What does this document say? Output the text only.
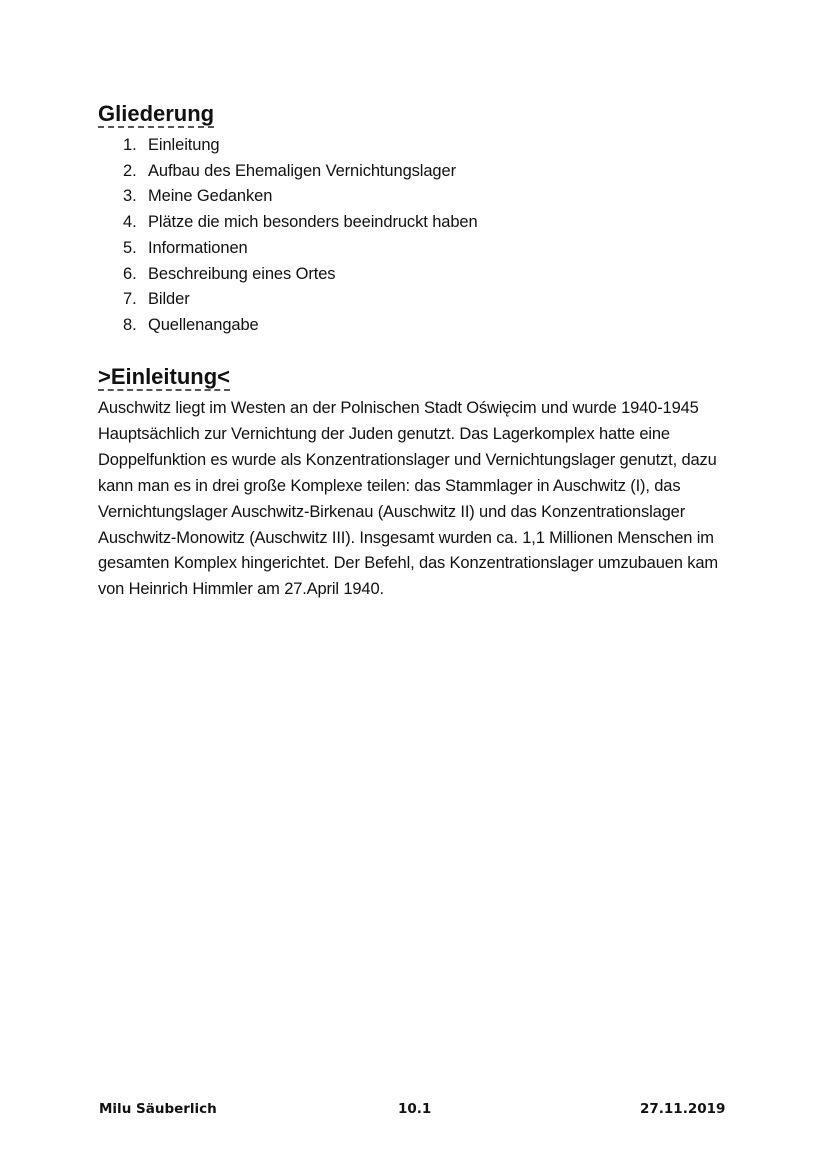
Gliederung
1. Einleitung
2. Aufbau des Ehemaligen Vernichtungslager
3. Meine Gedanken
4. Plätze die mich besonders beeindruckt haben
5. Informationen
6. Beschreibung eines Ortes
7. Bilder
8. Quellenangabe
>Einleitung<

Auschwitz liegt im Westen an der Polnischen Stadt Oświęcim und wurde 1940-1945
Hauptsächlich zur Vernichtung der Juden genutzt. Das Lagerkomplex hatte eine
Doppelfunktion es wurde als Konzentrationslager und Vernichtungslager genutzt, dazu
kann man es in drei große Komplexe teilen: das Stammlager in Auschwitz (I), das
Vernichtungslager Auschwitz-Birkenau (Auschwitz II) und das Konzentrationslager
Auschwitz-Monowitz (Auschwitz III). Insgesamt wurden ca. 1,1 Millionen Menschen im
gesamten Komplex hingerichtet. Der Befehl, das Konzentrationslager umzubauen kam
von Heinrich Himmler am 27.April 1940.

Milu Säuberlich	10.1	27.11.2019
